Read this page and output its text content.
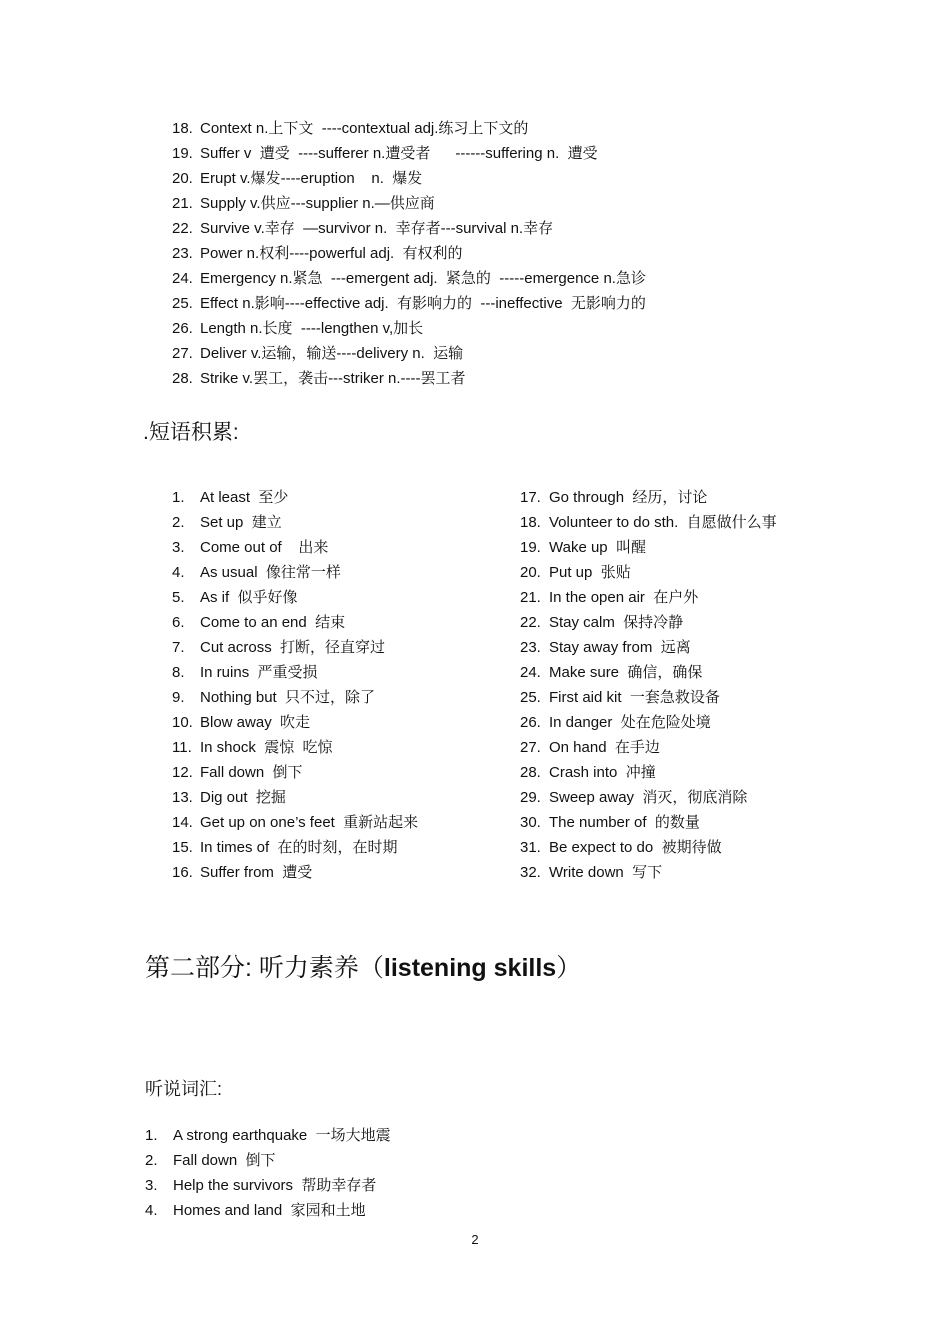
18. Context n.上下文  ----contextual adj.练习上下文的
19. Suffer v  遭受  ----sufferer n.遭受者      ------suffering n.  遭受
20. Erupt v.爆发----eruption    n.  爆发
21. Supply v.供应---supplier n.—供应商
22. Survive v.幸存  —survivor n.  幸存者---survival n.幸存
23. Power n.权利----powerful adj.  有权利的
24. Emergency n.紧急  ---emergent adj.  紧急的  -----emergence n.急诊
25. Effect n.影响----effective adj.  有影响力的  ---ineffective  无影响力的
26. Length n.长度  ----lengthen v,加长
27. Deliver v.运输，输送----delivery n.  运输
28. Strike v.罢工，袭击---striker n.----罢工者
.短语积累:
1. At least  至少
2. Set up  建立
3. Come out of    出来
4. As usual  像往常一样
5. As if  似乎好像
6. Come to an end  结束
7. Cut across  打断，径直穿过
8. In ruins  严重受损
9. Nothing but  只不过，除了
10. Blow away  吹走
11. In shock  震惊  吃惊
12. Fall down  倒下
13. Dig out  挖掘
14. Get up on one’s feet  重新站起来
15. In times of  在的时刻，在时期
16. Suffer from  遭受
17. Go through  经历，讨论
18. Volunteer to do sth.  自愿做什么事
19. Wake up  叫醒
20. Put up  张贴
21. In the open air  在户外
22. Stay calm  保持冷静
23. Stay away from  远离
24. Make sure  确信，确保
25. First aid kit  一套急救设备
26. In danger  处在危险处境
27. On hand  在手边
28. Crash into  冲撞
29. Sweep away  消灭，彻底消除
30. The number of  的数量
31. Be expect to do  被期待做
32. Write down  写下
第二部分: 听力素养（listening skills）
听说词汇:
1. A strong earthquake  一场大地震
2. Fall down  倒下
3. Help the survivors  帮助幸存者
4. Homes and land  家园和土地
2
